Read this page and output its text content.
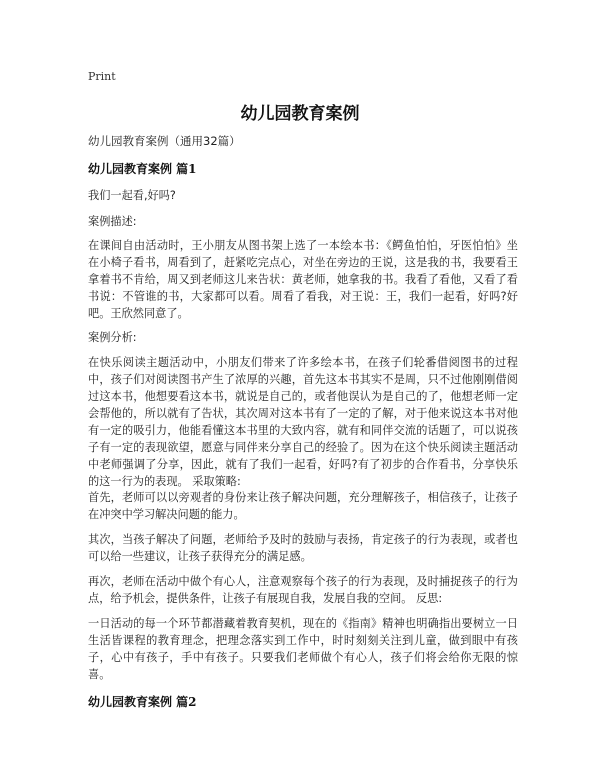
Print
幼儿园教育案例
幼儿园教育案例（通用32篇）
幼儿园教育案例 篇1
我们一起看,好吗?
案例描述:
在课间自由活动时，王小朋友从图书架上选了一本绘本书：《鳄鱼怕怕，牙医怕怕》坐在小椅子看书，周看到了，赶紧吃完点心，对坐在旁边的王说，这是我的书，我要看王拿着书不肯给，周又到老师这儿来告状：黄老师，她拿我的书。我看了看他，又看了看书说：不管谁的书，大家都可以看。周看了看我，对王说：王，我们一起看，好吗?好吧。王欣然同意了。
案例分析:
在快乐阅读主题活动中，小朋友们带来了许多绘本书，在孩子们轮番借阅图书的过程中，孩子们对阅读图书产生了浓厚的兴趣，首先这本书其实不是周，只不过他刚刚借阅过这本书，他想要看这本书，就说是自己的，或者他误认为是自己的了，他想老师一定会帮他的，所以就有了告状，其次周对这本书有了一定的了解，对于他来说这本书对他有一定的吸引力，他能看懂这本书里的大致内容，就有和同伴交流的话题了，可以说孩子有一定的表现欲望，愿意与同伴来分享自己的经验了。因为在这个快乐阅读主题活动中老师强调了分享，因此，就有了我们一起看，好吗?有了初步的合作看书，分享快乐的这一行为的表现。 采取策略:
首先，老师可以以旁观者的身份来让孩子解决问题，充分理解孩子，相信孩子，让孩子在冲突中学习解决问题的能力。
其次，当孩子解决了问题，老师给予及时的鼓励与表扬，肯定孩子的行为表现，或者也可以给一些建议，让孩子获得充分的满足感。
再次，老师在活动中做个有心人，注意观察每个孩子的行为表现，及时捕捉孩子的行为点，给予机会，提供条件，让孩子有展现自我，发展自我的空间。 反思:
一日活动的每一个环节都潜藏着教育契机，现在的《指南》精神也明确指出要树立一日生活皆课程的教育理念，把理念落实到工作中，时时刻刻关注到儿童，做到眼中有孩子，心中有孩子，手中有孩子。只要我们老师做个有心人，孩子们将会给你无限的惊喜。
幼儿园教育案例 篇2
